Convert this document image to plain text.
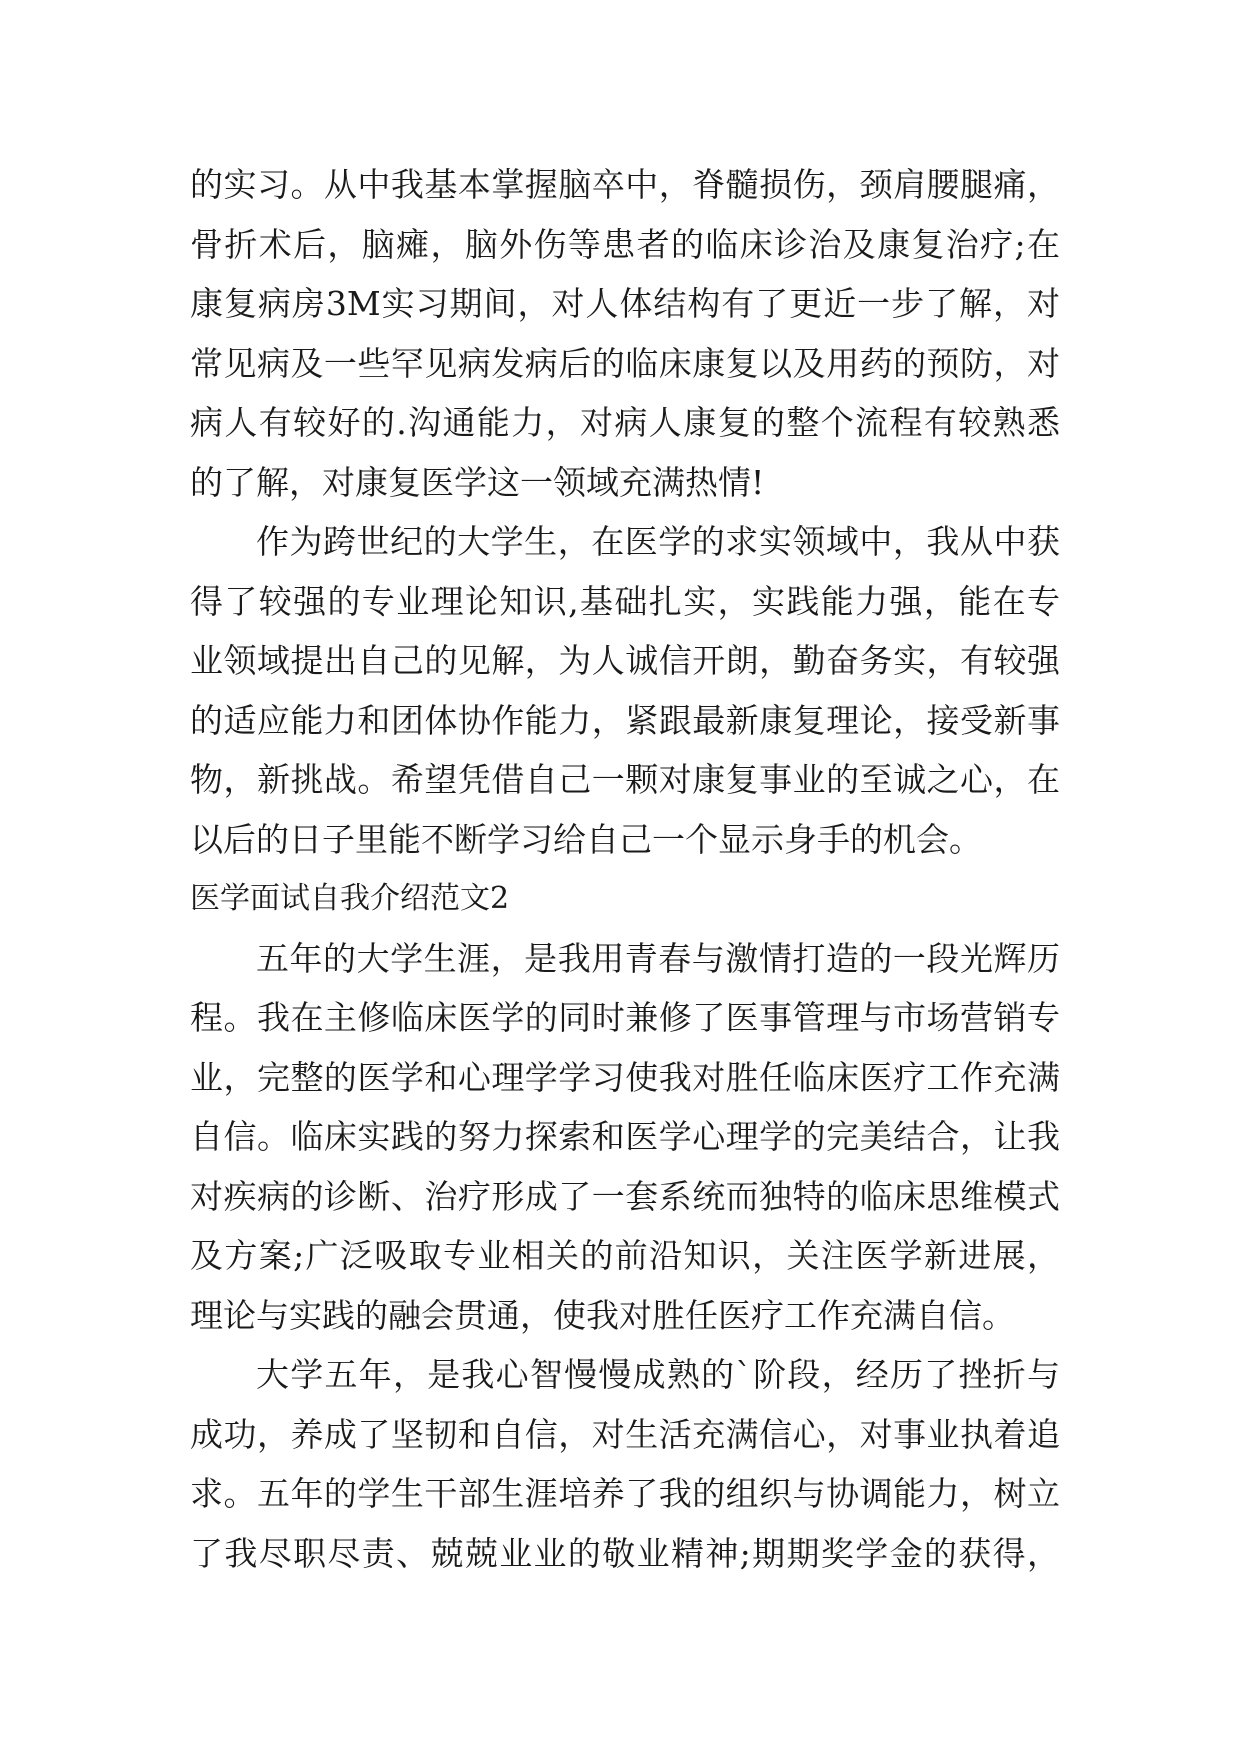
的实习。从中我基本掌握脑卒中，脊髓损伤，颈肩腰腿痛，
骨折术后，脑瘫，脑外伤等患者的临床诊治及康复治疗;在
康复病房3M实习期间，对人体结构有了更近一步了解，对
常见病及一些罕见病发病后的临床康复以及用药的预防，对
病人有较好的.沟通能力，对病人康复的整个流程有较熟悉
的了解，对康复医学这一领域充满热情!
作为跨世纪的大学生，在医学的求实领域中，我从中获
得了较强的专业理论知识,基础扎实，实践能力强，能在专
业领域提出自己的见解，为人诚信开朗，勤奋务实，有较强
的适应能力和团体协作能力，紧跟最新康复理论，接受新事
物，新挑战。希望凭借自己一颗对康复事业的至诚之心，在
以后的日子里能不断学习给自己一个显示身手的机会。
医学面试自我介绍范文2
五年的大学生涯，是我用青春与激情打造的一段光辉历
程。我在主修临床医学的同时兼修了医事管理与市场营销专
业，完整的医学和心理学学习使我对胜任临床医疗工作充满
自信。临床实践的努力探索和医学心理学的完美结合，让我
对疾病的诊断、治疗形成了一套系统而独特的临床思维模式
及方案;广泛吸取专业相关的前沿知识，关注医学新进展，
理论与实践的融会贯通，使我对胜任医疗工作充满自信。
大学五年，是我心智慢慢成熟的`阶段，经历了挫折与
成功，养成了坚韧和自信，对生活充满信心，对事业执着追
求。五年的学生干部生涯培养了我的组织与协调能力，树立
了我尽职尽责、兢兢业业的敬业精神;期期奖学金的获得，
